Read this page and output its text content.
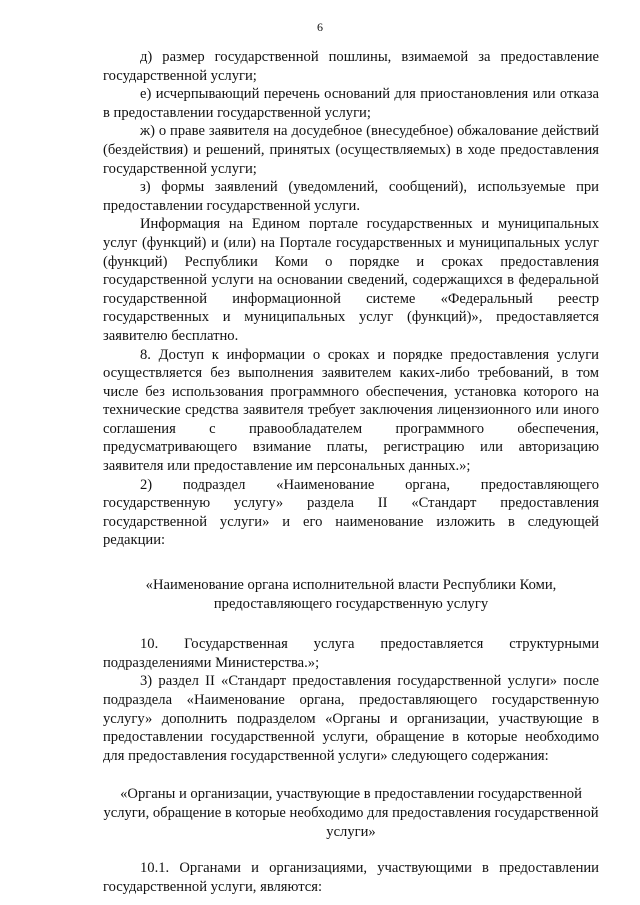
6

д) размер государственной пошлины, взимаемой за предоставление государственной услуги;

е) исчерпывающий перечень оснований для приостановления или отказа в предоставлении государственной услуги;

ж) о праве заявителя на досудебное (внесудебное) обжалование действий (бездействия) и решений, принятых (осуществляемых) в ходе предоставления государственной услуги;

з) формы заявлений (уведомлений, сообщений), используемые при предоставлении государственной услуги.

Информация на Едином портале государственных и муниципальных услуг (функций) и (или) на Портале государственных и муниципальных услуг (функций) Республики Коми о порядке и сроках предоставления государственной услуги на основании сведений, содержащихся в федеральной государственной информационной системе «Федеральный реестр государственных и муниципальных услуг (функций)», предоставляется заявителю бесплатно.

8. Доступ к информации о сроках и порядке предоставления услуги осуществляется без выполнения заявителем каких-либо требований, в том числе без использования программного обеспечения, установка которого на технические средства заявителя требует заключения лицензионного или иного соглашения с правообладателем программного обеспечения, предусматривающего взимание платы, регистрацию или авторизацию заявителя или предоставление им персональных данных.»;

2) подраздел «Наименование органа, предоставляющего государственную услугу» раздела II «Стандарт предоставления государственной услуги» и его наименование изложить в следующей редакции:

«Наименование органа исполнительной власти Республики Коми, предоставляющего государственную услугу

10. Государственная услуга предоставляется структурными подразделениями Министерства.»;

3) раздел II «Стандарт предоставления государственной услуги» после подраздела «Наименование органа, предоставляющего государственную услугу» дополнить подразделом «Органы и организации, участвующие в предоставлении государственной услуги, обращение в которые необходимо для предоставления государственной услуги» следующего содержания:

«Органы и организации, участвующие в предоставлении государственной услуги, обращение в которые необходимо для предоставления государственной услуги»

10.1. Органами и организациями, участвующими в предоставлении государственной услуги, являются:
